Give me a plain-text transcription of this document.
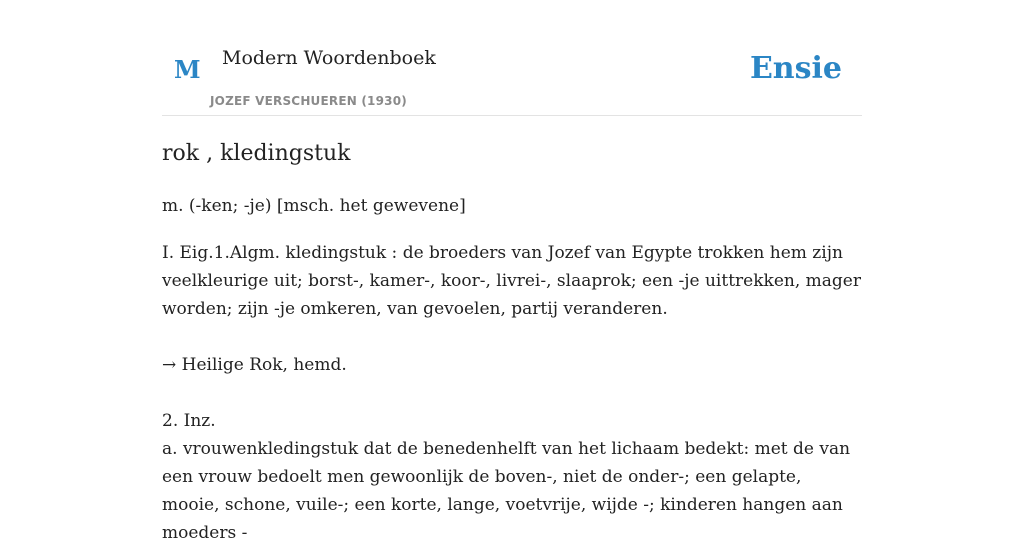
M Modern Woordenboek
JOZEF VERSCHUEREN (1930)
Ensie
rok , kledingstuk

m. (-ken; -je) [msch. het gewevene]

I. Eig.1.Algm. kledingstuk : de broeders van Jozef van Egypte trokken hem zijn veelkleurige uit; borst-, kamer-, koor-, livrei-, slaaprok; een -je uittrekken, mager worden; zijn -je omkeren, van gevoelen, partij veranderen.

→ Heilige Rok, hemd.

2. Inz.

a. vrouwenkledingstuk dat de benedenhelft van het lichaam bedekt: met de van een vrouw bedoelt men gewoonlijk de boven-, niet de onder-; een gelapte, mooie, schone, vuile-; een korte, lange, voetvrije, wijde -; kinderen hangen aan moeders -
